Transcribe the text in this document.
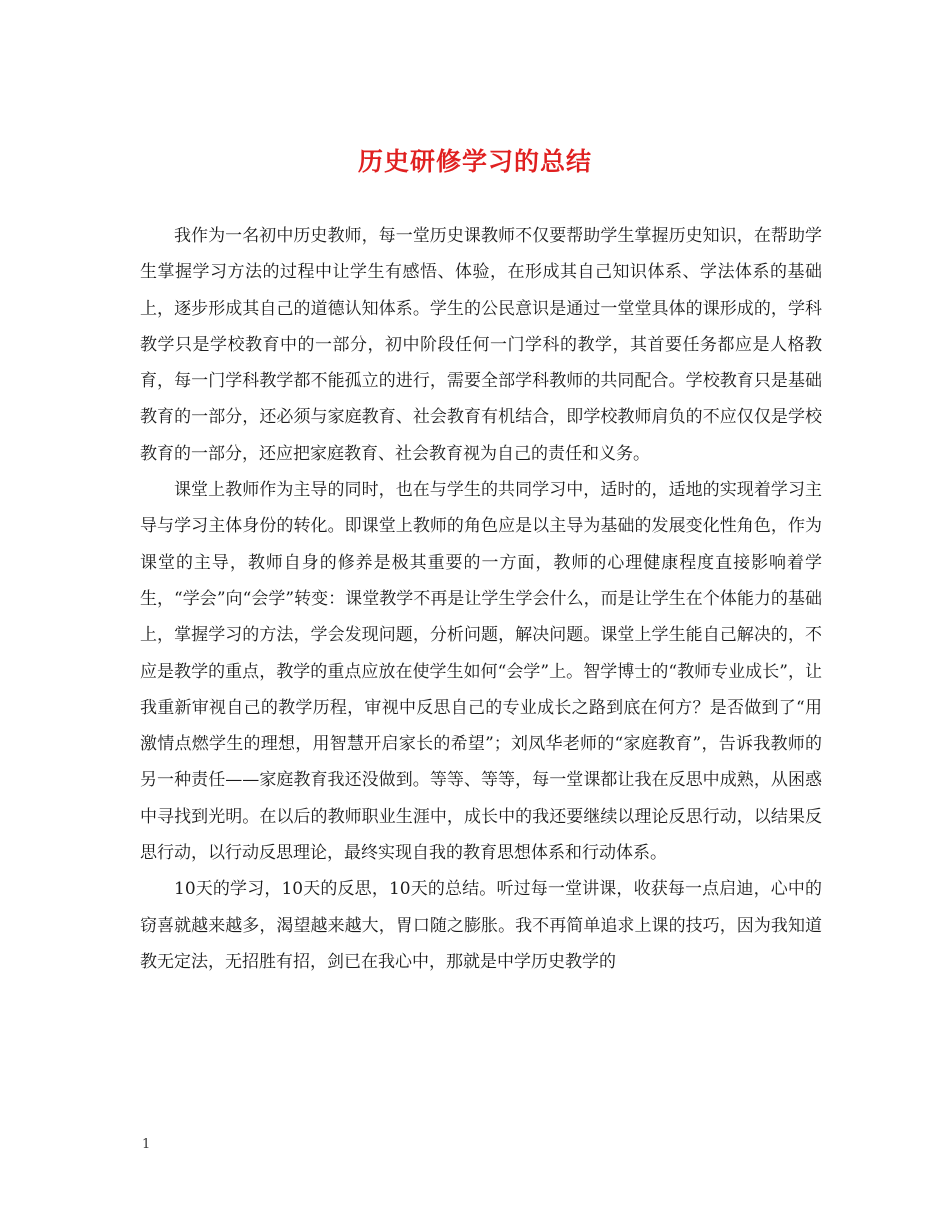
历史研修学习的总结

我作为一名初中历史教师，每一堂历史课教师不仅要帮助学生掌握历史知识，在帮助学生掌握学习方法的过程中让学生有感悟、体验，在形成其自己知识体系、学法体系的基础上，逐步形成其自己的道德认知体系。学生的公民意识是通过一堂堂具体的课形成的，学科教学只是学校教育中的一部分，初中阶段任何一门学科的教学，其首要任务都应是人格教育，每一门学科教学都不能孤立的进行，需要全部学科教师的共同配合。学校教育只是基础教育的一部分，还必须与家庭教育、社会教育有机结合，即学校教师肩负的不应仅仅是学校教育的一部分，还应把家庭教育、社会教育视为自己的责任和义务。

课堂上教师作为主导的同时，也在与学生的共同学习中，适时的，适地的实现着学习主导与学习主体身份的转化。即课堂上教师的角色应是以主导为基础的发展变化性角色，作为课堂的主导，教师自身的修养是极其重要的一方面，教师的心理健康程度直接影响着学生，“学会”向“会学”转变：课堂教学不再是让学生学会什么，而是让学生在个体能力的基础上，掌握学习的方法，学会发现问题，分析问题，解决问题。课堂上学生能自己解决的，不应是教学的重点，教学的重点应放在使学生如何“会学”上。智学博士的“教师专业成长”，让我重新审视自己的教学历程，审视中反思自己的专业成长之路到底在何方？是否做到了“用激情点燃学生的理想，用智慧开启家长的希望”；刘凤华老师的“家庭教育”，告诉我教师的另一种责任——家庭教育我还没做到。等等、等等，每一堂课都让我在反思中成熟，从困惑中寻找到光明。在以后的教师职业生涯中，成长中的我还要继续以理论反思行动，以结果反思行动，以行动反思理论，最终实现自我的教育思想体系和行动体系。

10天的学习，10天的反思，10天的总结。听过每一堂讲课，收获每一点启迪，心中的窃喜就越来越多，渴望越来越大，胃口随之膨胀。我不再简单追求上课的技巧，因为我知道教无定法，无招胜有招，剑已在我心中，那就是中学历史教学的

1
